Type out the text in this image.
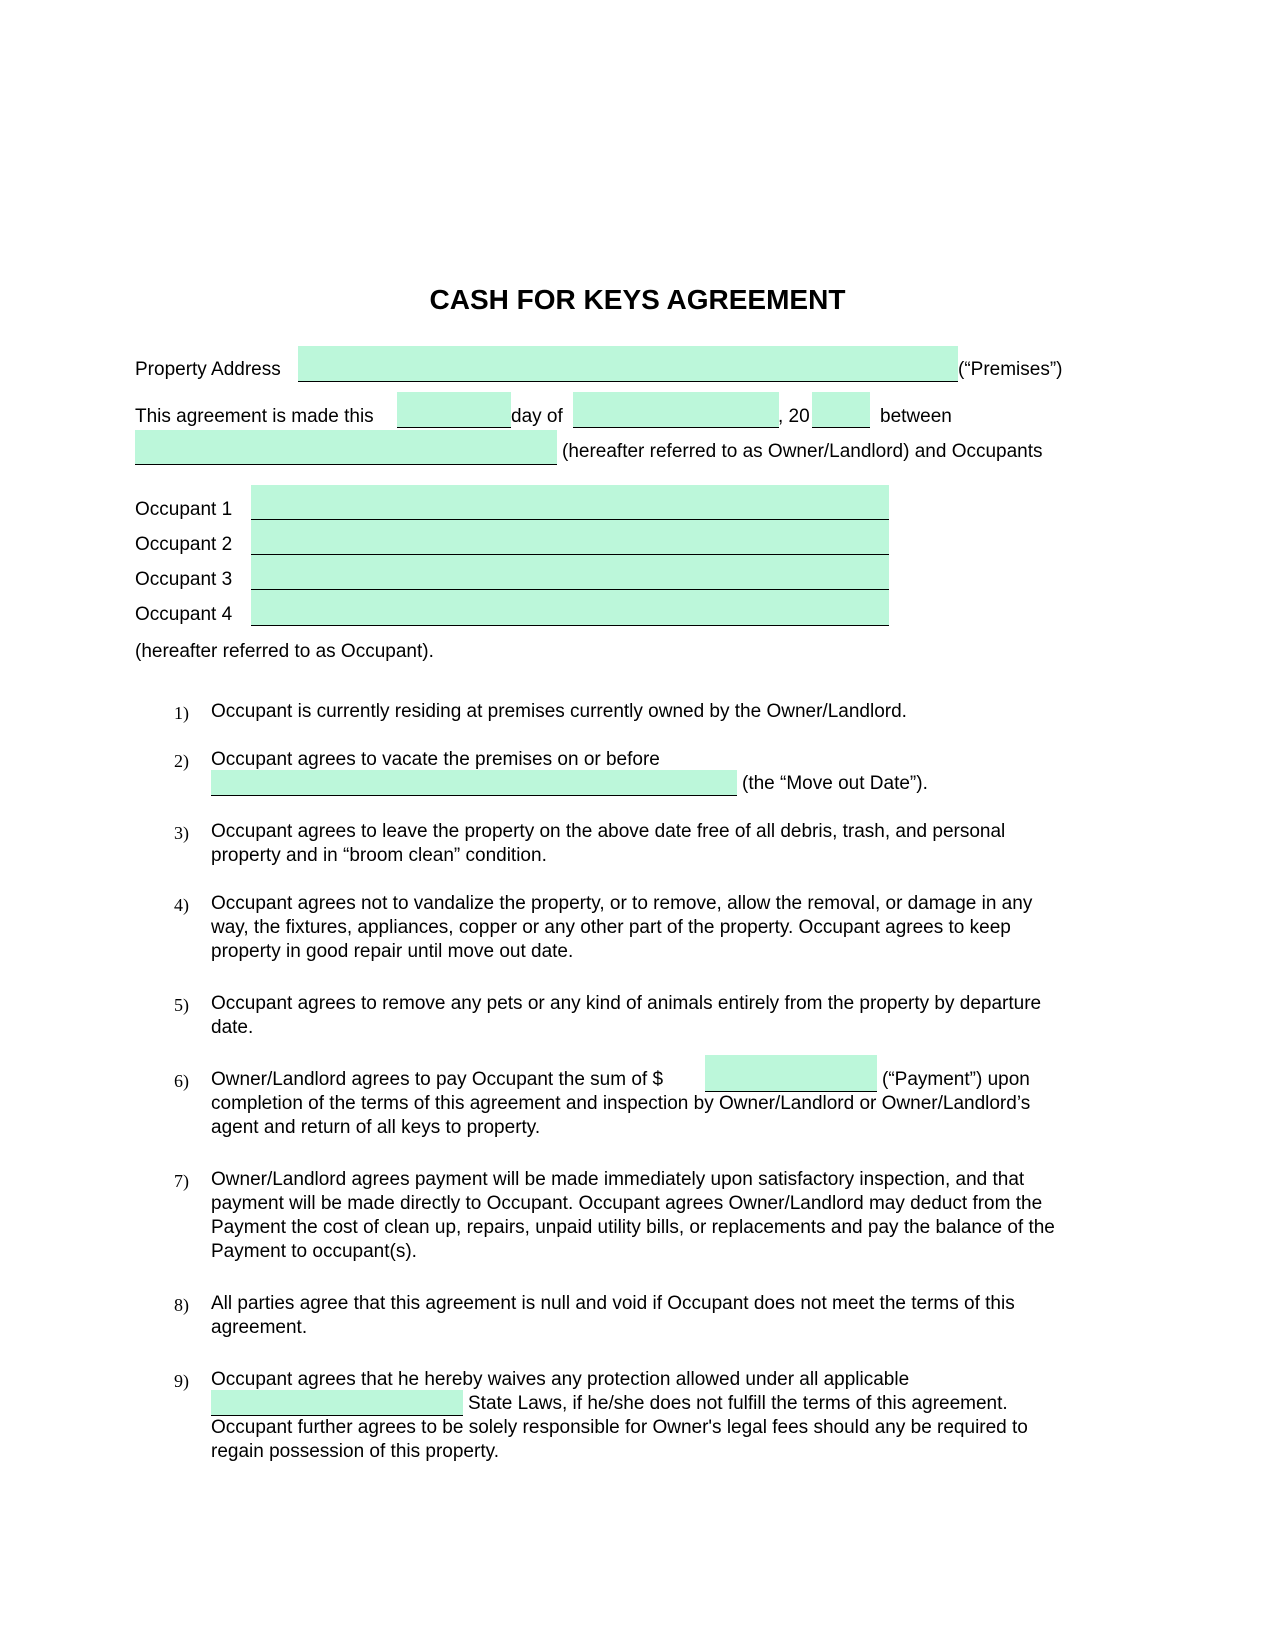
CASH FOR KEYS AGREEMENT
Property Address	(“Premises”)
This agreement is made this	day of	, 20	between
(hereafter referred to as Owner/Landlord) and Occupants
Occupant 1
Occupant 2
Occupant 3
Occupant 4
(hereafter referred to as Occupant).
1) Occupant is currently residing at premises currently owned by the Owner/Landlord.
2) Occupant agrees to vacate the premises on or before
(the “Move out Date”).
3) Occupant agrees to leave the property on the above date free of all debris, trash, and personal
property and in “broom clean” condition.
4) Occupant agrees not to vandalize the property, or to remove, allow the removal, or damage in any
way, the fixtures, appliances, copper or any other part of the property. Occupant agrees to keep
property in good repair until move out date.
5) Occupant agrees to remove any pets or any kind of animals entirely from the property by departure
date.
6) Owner/Landlord agrees to pay Occupant the sum of $	(“Payment”) upon
completion of the terms of this agreement and inspection by Owner/Landlord or Owner/Landlord’s
agent and return of all keys to property.
7) Owner/Landlord agrees payment will be made immediately upon satisfactory inspection, and that
payment will be made directly to Occupant. Occupant agrees Owner/Landlord may deduct from the
Payment the cost of clean up, repairs, unpaid utility bills, or replacements and pay the balance of the
Payment to occupant(s).
8) All parties agree that this agreement is null and void if Occupant does not meet the terms of this
agreement.
9) Occupant agrees that he hereby waives any protection allowed under all applicable
State Laws, if he/she does not fulfill the terms of this agreement.
Occupant further agrees to be solely responsible for Owner's legal fees should any be required to
regain possession of this property.
